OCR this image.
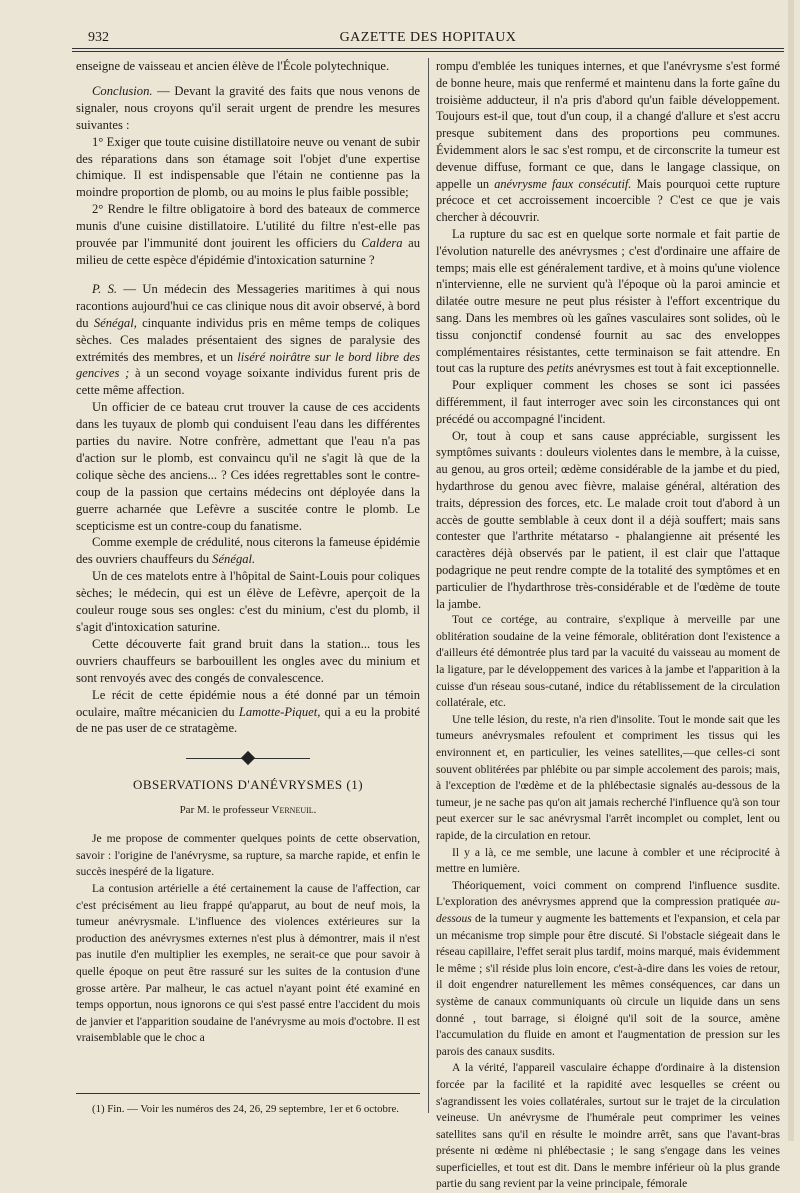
932	GAZETTE DES HOPITAUX

enseigne de vaisseau et ancien élève de l'École polytechnique.

Conclusion. — Devant la gravité des faits que nous venons de signaler, nous croyons qu'il serait urgent de prendre les mesures suivantes :

1° Exiger que toute cuisine distillatoire neuve ou venant de subir des réparations dans son étamage soit l'objet d'une expertise chimique. Il est indispensable que l'étain ne contienne pas la moindre proportion de plomb, ou au moins le plus faible possible;

2° Rendre le filtre obligatoire à bord des bateaux de commerce munis d'une cuisine distillatoire. L'utilité du filtre n'est-elle pas prouvée par l'immunité dont jouirent les officiers du Caldera au milieu de cette espèce d'épidémie d'intoxication saturnine ?

P. S. — Un médecin des Messageries maritimes à qui nous racontions aujourd'hui ce cas clinique nous dit avoir observé, à bord du Sénégal, cinquante individus pris en même temps de coliques sèches. Ces malades présentaient des signes de paralysie des extrémités des membres, et un liséré noirâtre sur le bord libre des gencives ; à un second voyage soixante individus furent pris de cette même affection.

Un officier de ce bateau crut trouver la cause de ces accidents dans les tuyaux de plomb qui conduisent l'eau dans les différentes parties du navire. Notre confrère, admettant que l'eau n'a pas d'action sur le plomb, est convaincu qu'il ne s'agit là que de la colique sèche des anciens... ? Ces idées regrettables sont le contre-coup de la passion que certains médecins ont déployée dans la guerre acharnée que Lefèvre a suscitée contre le plomb. Le scepticisme est un contre-coup du fanatisme.

Comme exemple de crédulité, nous citerons la fameuse épidémie des ouvriers chauffeurs du Sénégal.

Un de ces matelots entre à l'hôpital de Saint-Louis pour coliques sèches; le médecin, qui est un élève de Lefèvre, aperçoit de la couleur rouge sous ses ongles: c'est du minium, c'est du plomb, il s'agit d'intoxication saturine.

Cette découverte fait grand bruit dans la station... tous les ouvriers chauffeurs se barbouillent les ongles avec du minium et sont renvoyés avec des congés de convalescence.

Le récit de cette épidémie nous a été donné par un témoin oculaire, maître mécanicien du Lamotte-Piquet, qui a eu la probité de ne pas user de ce stratagème.

OBSERVATIONS D'ANÉVRYSMES (1)
Par M. le professeur Verneuil.

Je me propose de commenter quelques points de cette observation, savoir : l'origine de l'anévrysme, sa rupture, sa marche rapide, et enfin le succès inespéré de la ligature.

La contusion artérielle a été certainement la cause de l'affection, car c'est précisément au lieu frappé qu'apparut, au bout de neuf mois, la tumeur anévrysmale. L'influence des violences extérieures sur la production des anévrysmes externes n'est plus à démontrer, mais il n'est pas inutile d'en multiplier les exemples, ne serait-ce que pour savoir à quelle époque on peut être rassuré sur les suites de la contusion d'une grosse artère. Par malheur, le cas actuel n'ayant point été examiné en temps opportun, nous ignorons ce qui s'est passé entre l'accident du mois de janvier et l'apparition soudaine de l'anévrysme au mois d'octobre. Il est vraisemblable que le choc a

(1) Fin. — Voir les numéros des 24, 26, 29 septembre, 1er et 6 octobre.

rompu d'emblée les tuniques internes, et que l'anévrysme s'est formé de bonne heure, mais que renfermé et maintenu dans la forte gaîne du troisième adducteur, il n'a pris d'abord qu'un faible développement. Toujours est-il que, tout d'un coup, il a changé d'allure et s'est accru presque subitement dans des proportions peu communes. Évidemment alors le sac s'est rompu, et de circonscrite la tumeur est devenue diffuse, formant ce que, dans le langage classique, on appelle un anévrysme faux consécutif. Mais pourquoi cette rupture précoce et cet accroissement incoercible ? C'est ce que je vais chercher à découvrir.

La rupture du sac est en quelque sorte normale et fait partie de l'évolution naturelle des anévrysmes ; c'est d'ordinaire une affaire de temps; mais elle est généralement tardive, et à moins qu'une violence n'intervienne, elle ne survient qu'à l'époque où la paroi amincie et dilatée outre mesure ne peut plus résister à l'effort excentrique du sang. Dans les membres où les gaînes vasculaires sont solides, où le tissu conjonctif condensé fournit au sac des enveloppes complémentaires résistantes, cette terminaison se fait attendre. En tout cas la rupture des petits anévrysmes est tout à fait exceptionnelle.

Pour expliquer comment les choses se sont ici passées différemment, il faut interroger avec soin les circonstances qui ont précédé ou accompagné l'incident.

Or, tout à coup et sans cause appréciable, surgissent les symptômes suivants : douleurs violentes dans le membre, à la cuisse, au genou, au gros orteil; œdème considérable de la jambe et du pied, hydarthrose du genou avec fièvre, malaise général, altération des traits, dépression des forces, etc. Le malade croit tout d'abord à un accès de goutte semblable à ceux dont il a déjà souffert; mais sans contester que l'arthrite métatarso - phalangienne ait présenté les caractères déjà observés par le patient, il est clair que l'attaque podagrique ne peut rendre compte de la totalité des symptômes et en particulier de l'hydarthrose très-considérable et de l'œdème de toute la jambe.

Tout ce cortége, au contraire, s'explique à merveille par une oblitération soudaine de la veine fémorale, oblitération dont l'existence a d'ailleurs été démontrée plus tard par la vacuité du vaisseau au moment de la ligature, par le développement des varices à la jambe et l'apparition à la cuisse d'un réseau sous-cutané, indice du rétablissement de la circulation collatérale, etc.

Une telle lésion, du reste, n'a rien d'insolite. Tout le monde sait que les tumeurs anévrysmales refoulent et compriment les tissus qui les environnent et, en particulier, les veines satellites,—que celles-ci sont souvent oblitérées par phlébite ou par simple accolement des parois; mais, à l'exception de l'œdème et de la phlébectasie signalés au-dessous de la tumeur, je ne sache pas qu'on ait jamais recherché l'influence qu'à son tour peut exercer sur le sac anévrysmal l'arrêt incomplet ou complet, lent ou rapide, de la circulation en retour.

Il y a là, ce me semble, une lacune à combler et une réciprocité à mettre en lumière.

Théoriquement, voici comment on comprend l'influence susdite. L'exploration des anévrysmes apprend que la compression pratiquée au-dessous de la tumeur y augmente les battements et l'expansion, et cela par un mécanisme trop simple pour être discuté. Si l'obstacle siégeait dans le réseau capillaire, l'effet serait plus tardif, moins marqué, mais évidemment le même ; s'il réside plus loin encore, c'est-à-dire dans les voies de retour, il doit engendrer naturellement les mêmes conséquences, car dans un système de canaux communiquants où circule un liquide dans un sens donné , tout barrage, si éloigné qu'il soit de la source, amène l'accumulation du fluide en amont et l'augmentation de pression sur les parois des canaux susdits.

A la vérité, l'appareil vasculaire échappe d'ordinaire à la distension forcée par la facilité et la rapidité avec lesquelles se créent ou s'agrandissent les voies collatérales, surtout sur le trajet de la circulation veineuse. Un anévrysme de l'humérale peut comprimer les veines satellites sans qu'il en résulte le moindre arrêt, sans que l'avant-bras présente ni œdème ni phlébectasie ; le sang s'engage dans les veines superficielles, et tout est dit. Dans le membre inférieur où la plus grande partie du sang revient par la veine principale, fémorale
